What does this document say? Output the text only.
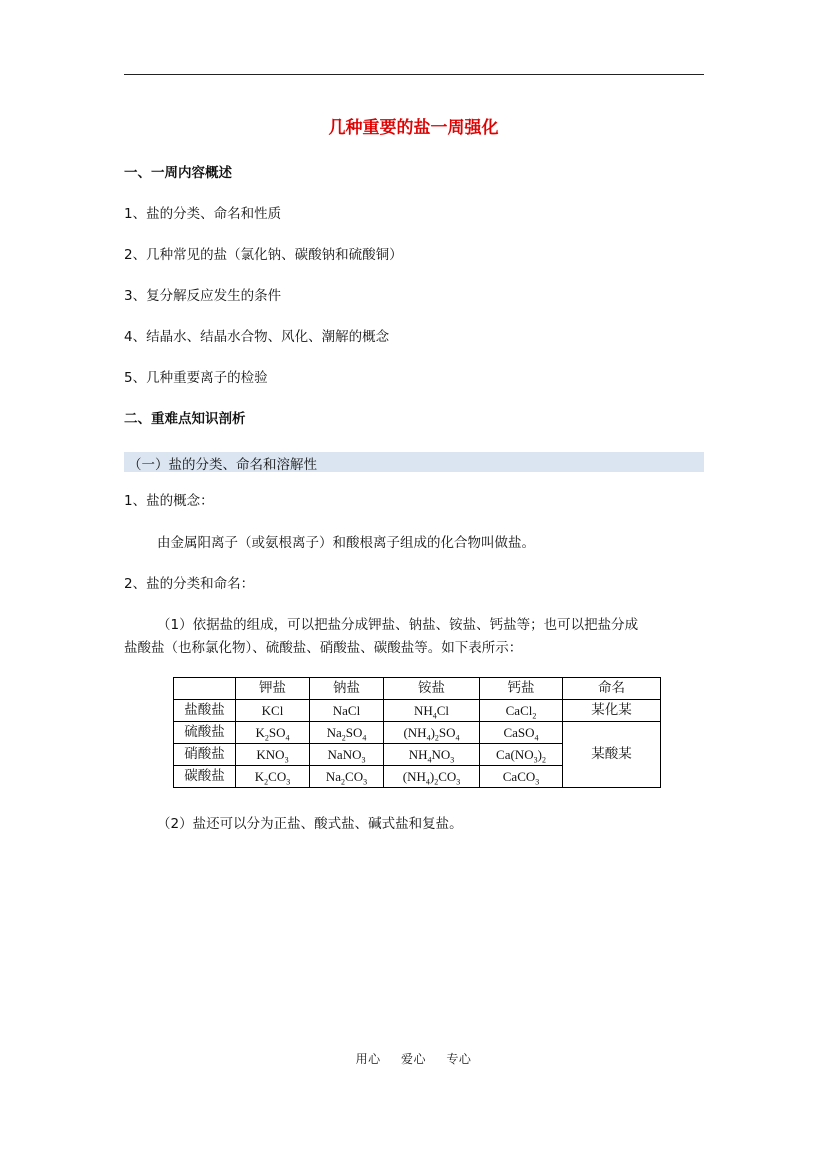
几种重要的盐一周强化
一、一周内容概述
1、盐的分类、命名和性质
2、几种常见的盐（氯化钠、碳酸钠和硫酸铜）
3、复分解反应发生的条件
4、结晶水、结晶水合物、风化、潮解的概念
5、几种重要离子的检验
二、重难点知识剖析
（一）盐的分类、命名和溶解性
1、盐的概念：
由金属阳离子（或氨根离子）和酸根离子组成的化合物叫做盐。
2、盐的分类和命名：
（1）依据盐的组成，可以把盐分成钾盐、钠盐、铵盐、钙盐等；也可以把盐分成
盐酸盐（也称氯化物）、硫酸盐、硝酸盐、碳酸盐等。如下表所示：
	钾盐	钠盐	铵盐	钙盐	命名
盐酸盐	KCl	NaCl	$NH_4Cl$	CaCl$_2$	某化某
硫酸盐	$K_2SO_4$	$Na_2SO_4$	$(NH_4)_2SO_4$	CaSO$_4$	某酸某
硝酸盐	$KNO_3$	NaNO$_3$	$NH_4NO_3$	$Ca(NO_3)_2$
碳酸盐	$K_2CO_3$	$Na_2CO_3$	$(NH_4)_2CO_3$	CaCO$_3$
（2）盐还可以分为正盐、酸式盐、碱式盐和复盐。
用心 爱心 专心
